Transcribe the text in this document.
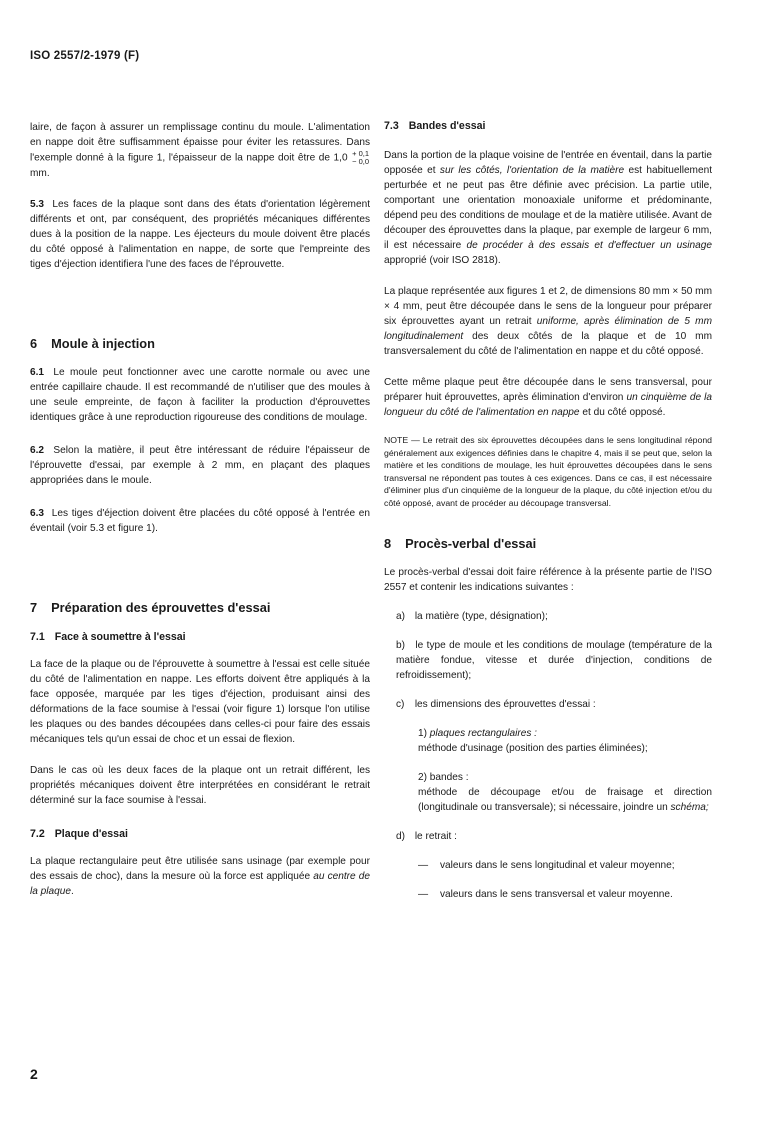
ISO 2557/2-1979 (F)

laire, de façon à assurer un remplissage continu du moule. L'alimentation en nappe doit être suffisamment épaisse pour éviter les retassures. Dans l'exemple donné à la figure 1, l'épaisseur de la nappe doit être de 1,0 + 0,1
− 0,0
mm.

5.3 Les faces de la plaque sont dans des états d'orientation légèrement différents et ont, par conséquent, des propriétés mécaniques différentes dues à la position de la nappe. Les éjecteurs du moule doivent être placés du côté opposé à l'alimentation en nappe, de sorte que l'empreinte des tiges d'éjection identifiera l'une des faces de l'éprouvette.

6 Moule à injection

6.1 Le moule peut fonctionner avec une carotte normale ou avec une entrée capillaire chaude. Il est recommandé de n'utiliser que des moules à une seule empreinte, de façon à faciliter la production d'éprouvettes identiques grâce à une reproduction rigoureuse des conditions de moulage.

6.2 Selon la matière, il peut être intéressant de réduire l'épaisseur de l'éprouvette d'essai, par exemple à 2 mm, en plaçant des plaques appropriées dans le moule.

6.3 Les tiges d'éjection doivent être placées du côté opposé à l'entrée en éventail (voir 5.3 et figure 1).

7 Préparation des éprouvettes d'essai
7.1 Face à soumettre à l'essai

La face de la plaque ou de l'éprouvette à soumettre à l'essai est celle située du côté de l'alimentation en nappe. Les efforts doivent être appliqués à la face opposée, marquée par les tiges d'éjection, produisant ainsi des déformations de la face soumise à l'essai (voir figure 1) lorsque l'on utilise les plaques ou des bandes découpées dans celles-ci pour faire des essais mécaniques tels qu'un essai de choc et un essai de flexion.

Dans le cas où les deux faces de la plaque ont un retrait différent, les propriétés mécaniques doivent être interprétées en considérant le retrait déterminé sur la face soumise à l'essai.

7.2 Plaque d'essai

La plaque rectangulaire peut être utilisée sans usinage (par exemple pour des essais de choc), dans la mesure où la force est appliquée au centre de la plaque.

7.3 Bandes d'essai

Dans la portion de la plaque voisine de l'entrée en éventail, dans la partie opposée et sur les côtés, l'orientation de la matière est habituellement perturbée et ne peut pas être définie avec précision. La partie utile, comportant une orientation monoaxiale uniforme et prédominante, dépend peu des conditions de moulage et de la matière utilisée. Avant de découper des éprouvettes dans la plaque, par exemple de largeur 6 mm, il est nécessaire de procéder à des essais et d'effectuer un usinage approprié (voir ISO 2818).

La plaque représentée aux figures 1 et 2, de dimensions 80 mm × 50 mm × 4 mm, peut être découpée dans le sens de la longueur pour préparer six éprouvettes ayant un retrait uniforme, après élimination de 5 mm longitudinalement des deux côtés de la plaque et de 10 mm transversalement du côté de l'alimentation en nappe et du côté opposé.

Cette même plaque peut être découpée dans le sens transversal, pour préparer huit éprouvettes, après élimination d'environ un cinquième de la longueur du côté de l'alimentation en nappe et du côté opposé.

NOTE — Le retrait des six éprouvettes découpées dans le sens longitudinal répond généralement aux exigences définies dans le chapitre 4, mais il se peut que, selon la matière et les conditions de moulage, les huit éprouvettes découpées dans le sens transversal ne répondent pas toutes à ces exigences. Dans ce cas, il est nécessaire d'éliminer plus d'un cinquième de la longueur de la plaque, du côté injection et/ou du côté opposé, avant de procéder au découpage transversal.

8 Procès-verbal d'essai

Le procès-verbal d'essai doit faire référence à la présente partie de l'ISO 2557 et contenir les indications suivantes :

a) la matière (type, désignation);

b) le type de moule et les conditions de moulage (température de la matière fondue, vitesse et durée d'injection, conditions de refroidissement);

c) les dimensions des éprouvettes d'essai :

1) plaques rectangulaires :
méthode d'usinage (position des parties éliminées);

2) bandes :
méthode de découpage et/ou de fraisage et direction (longitudinale ou transversale); si nécessaire, joindre un schéma;

d) le retrait :

— valeurs dans le sens longitudinal et valeur moyenne;

— valeurs dans le sens transversal et valeur moyenne.

2
